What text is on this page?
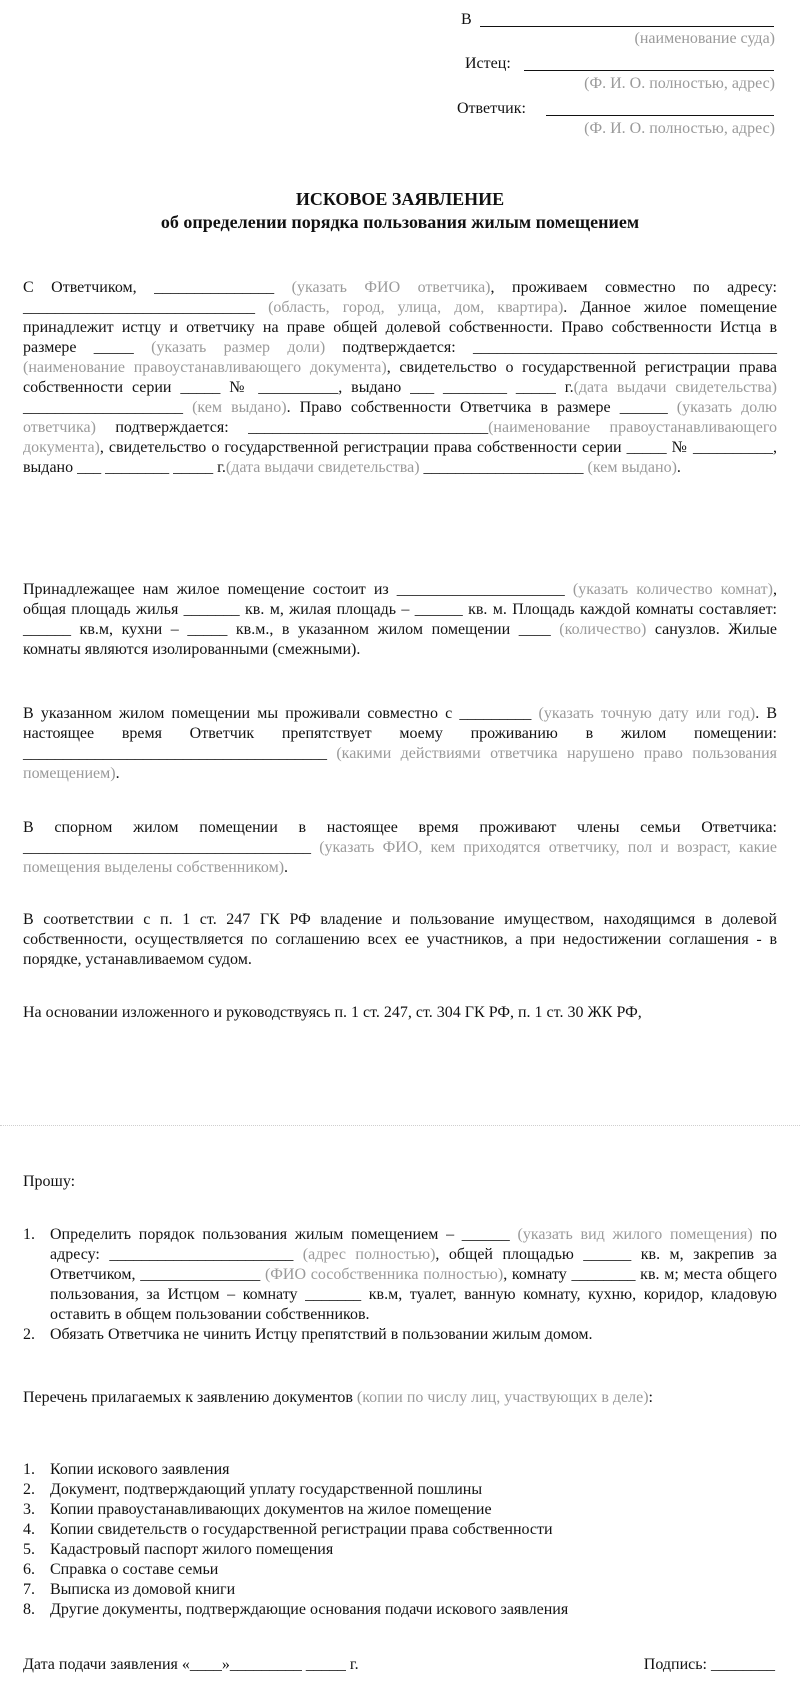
В
(наименование суда)
Истец:
(Ф. И. О. полностью, адрес)
Ответчик:
(Ф. И. О. полностью, адрес)
ИСКОВОЕ ЗАЯВЛЕНИЕ
об определении порядка пользования жилым помещением
С Ответчиком, _______________ (указать ФИО ответчика), проживаем совместно по адресу: _____________________________ (область, город, улица, дом, квартира). Данное жилое помещение принадлежит истцу и ответчику на праве общей долевой собственности. Право собственности Истца в размере _____ (указать размер доли) подтверждается: ______________________________________ (наименование правоустанавливающего документа), свидетельство о государственной регистрации права собственности серии _____ № __________, выдано ___ ________ _____ г.(дата выдачи свидетельства) ____________________ (кем выдано). Право собственности Ответчика в размере ______ (указать долю ответчика) подтверждается: ______________________________(наименование правоустанавливающего документа), свидетельство о государственной регистрации права собственности серии _____ № __________, выдано ___ ________ _____ г.(дата выдачи свидетельства) ____________________ (кем выдано).
Принадлежащее нам жилое помещение состоит из _____________________ (указать количество комнат), общая площадь жилья _______ кв. м, жилая площадь – ______ кв. м. Площадь каждой комнаты составляет: ______ кв.м, кухни – _____ кв.м., в указанном жилом помещении ____ (количество) санузлов. Жилые комнаты являются изолированными (смежными).
В указанном жилом помещении мы проживали совместно с _________ (указать точную дату или год). В настоящее время Ответчик препятствует моему проживанию в жилом помещении: ______________________________________ (какими действиями ответчика нарушено право пользования помещением).
В спорном жилом помещении в настоящее время проживают члены семьи Ответчика: ____________________________________ (указать ФИО, кем приходятся ответчику, пол и возраст, какие помещения выделены собственником).
В соответствии с п. 1 ст. 247 ГК РФ владение и пользование имуществом, находящимся в долевой собственности, осуществляется по соглашению всех ее участников, а при недостижении соглашения - в порядке, устанавливаемом судом.
На основании изложенного и руководствуясь п. 1 ст. 247, ст. 304 ГК РФ, п. 1 ст. 30 ЖК РФ,
Прошу:
1. Определить порядок пользования жилым помещением – ______ (указать вид жилого помещения) по адресу: _______________________ (адрес полностью), общей площадью ______ кв. м, закрепив за Ответчиком, _______________ (ФИО сособственника полностью), комнату ________ кв. м; места общего пользования, за Истцом – комнату _______ кв.м, туалет, ванную комнату, кухню, коридор, кладовую оставить в общем пользовании собственников.
2. Обязать Ответчика не чинить Истцу препятствий в пользовании жилым домом.
Перечень прилагаемых к заявлению документов (копии по числу лиц, участвующих в деле):
1. Копии искового заявления
2. Документ, подтверждающий уплату государственной пошлины
3. Копии правоустанавливающих документов на жилое помещение
4. Копии свидетельств о государственной регистрации права собственности
5. Кадастровый паспорт жилого помещения
6. Справка о составе семьи
7. Выписка из домовой книги
8. Другие документы, подтверждающие основания подачи искового заявления
Дата подачи заявления «____»_________ _____ г.	Подпись: ________
